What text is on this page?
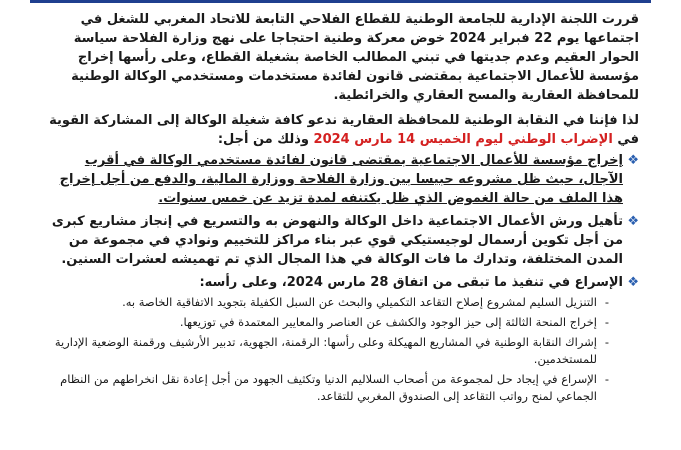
قررت اللجنة الإدارية للجامعة الوطنية للقطاع الفلاحي التابعة للاتحاد المغربي للشغل في اجتماعها يوم 22 فبراير 2024 خوض معركة وطنية احتجاجا على نهج وزارة الفلاحة سياسة الحوار العقيم وعدم جديتها في تبني المطالب الخاصة بشغيلة القطاع، وعلى رأسها إخراج مؤسسة للأعمال الاجتماعية بمقتضى قانون لفائدة مستخدمات ومستخدمي الوكالة الوطنية للمحافظة العقارية والمسح العقاري والخرائطية.

لذا فإننا في النقابة الوطنية للمحافظة العقارية ندعو كافة شغيلة الوكالة إلى المشاركة القوية في الإضراب الوطني ليوم الخميس 14 مارس 2024 وذلك من أجل:

❖
إخراج مؤسسة للأعمال الاجتماعية بمقتضى قانون لفائدة مستخدمي الوكالة في أقرب الآجال، حيث ظل مشروعه حبيسا بين وزارة الفلاحة ووزارة المالية، والدفع من أجل إخراج هذا الملف من حالة الغموض الذي ظل يكتنفه لمدة تزيد عن خمس سنوات.
❖
تأهيل ورش الأعمال الاجتماعية داخل الوكالة والنهوض به والتسريع في إنجاز مشاريع كبرى من أجل تكوين أرسمال لوجيستيكي قوي عبر بناء مراكز للتخييم ونوادي في مجموعة من المدن المختلفة، وتدارك ما فات الوكالة في هذا المجال الذي تم تهميشه لعشرات السنين.
❖
الإسراع في تنفيذ ما تبقى من اتفاق 28 مارس 2024، وعلى رأسه:
- التنزيل السليم لمشروع إصلاح التقاعد التكميلي والبحث عن السبل الكفيلة بتجويد الاتفاقية الخاصة به.
- إخراج المنحة الثالثة إلى حيز الوجود والكشف عن العناصر والمعايير المعتمدة في توزيعها.
- إشراك النقابة الوطنية في المشاريع المهيكلة وعلى رأسها: الرقمنة، الجهوية، تدبير الأرشيف ورقمنة الوضعية الإدارية للمستخدمين.
- الإسراع في إيجاد حل لمجموعة من أصحاب السلاليم الدنيا وتكثيف الجهود من أجل إعادة نقل انخراطهم من النظام الجماعي لمنح رواتب التقاعد إلى الصندوق المغربي للتقاعد.
